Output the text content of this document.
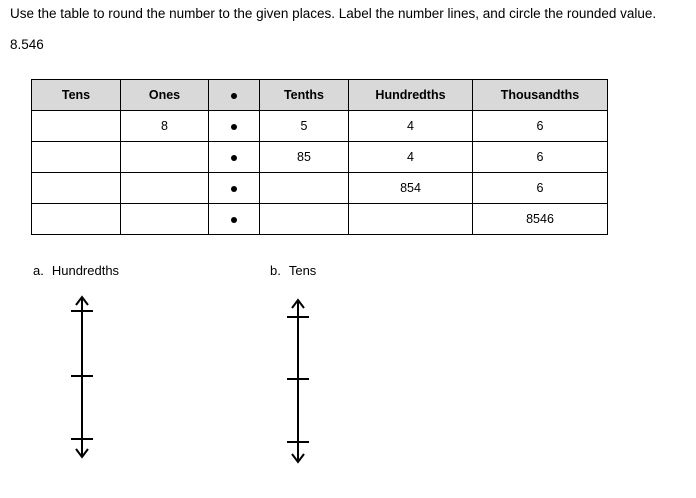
Use the table to round the number to the given places. Label the number lines, and circle the rounded value.
8.546
Tens	Ones		Tenths	Hundredths	Thousandths
	8		5	4	6
			85	4	6
				854	6
					8546
a. Hundredths	b. Tens
